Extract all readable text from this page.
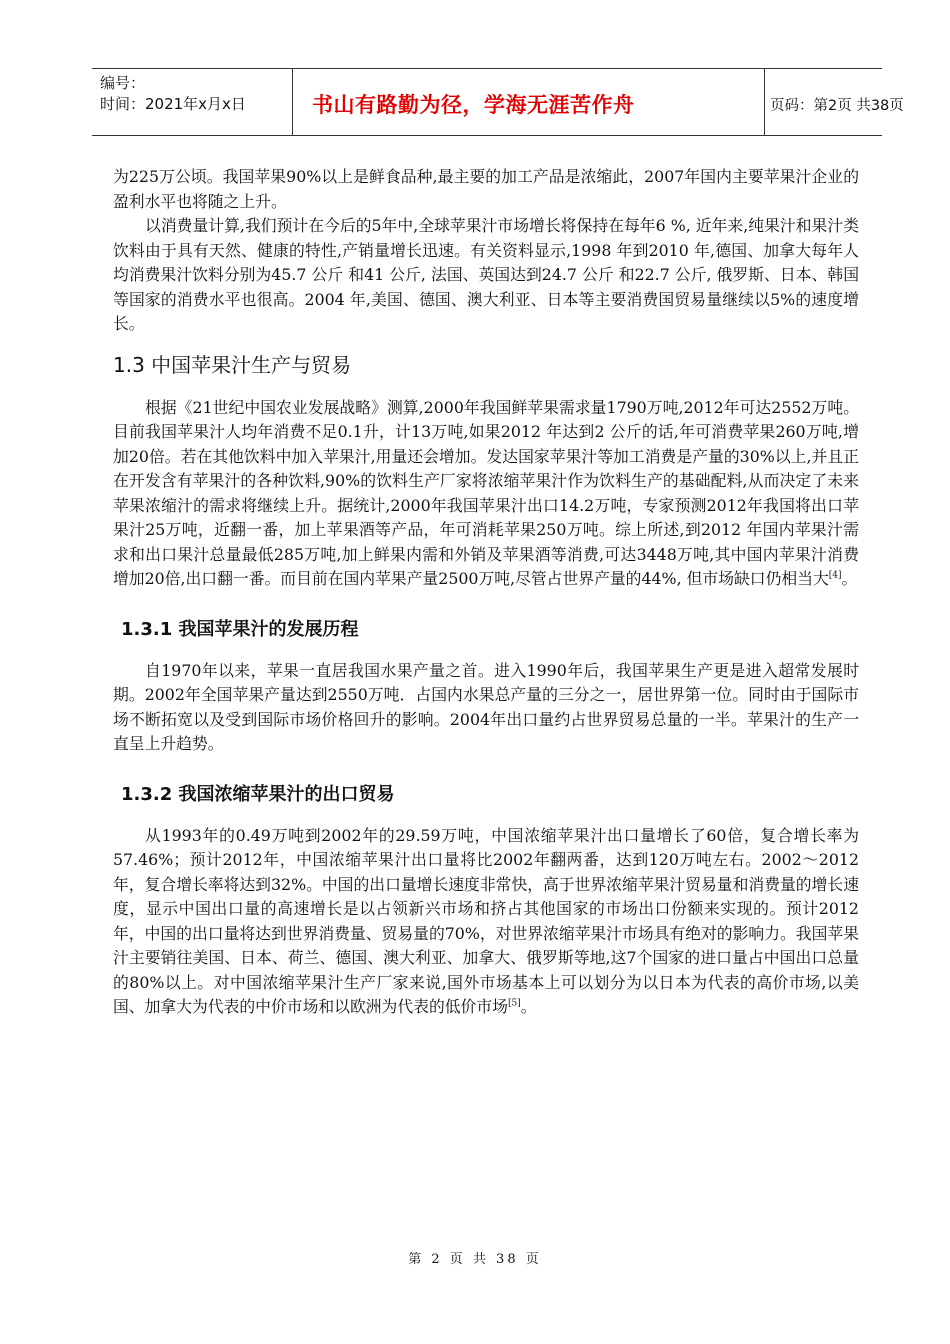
编号：
时间：2021年x月x日	书山有路勤为径，学海无涯苦作舟	页码：第2页 共38页

为225万公顷。我国苹果90%以上是鲜食品种,最主要的加工产品是浓缩此，2007年国内主要苹果汁企业的盈利水平也将随之上升。

以消费量计算,我们预计在今后的5年中,全球苹果汁市场增长将保持在每年6 %, 近年来,纯果汁和果汁类饮料由于具有天然、健康的特性,产销量增长迅速。有关资料显示,1998 年到2010 年,德国、加拿大每年人均消费果汁饮料分别为45.7 公斤 和41 公斤, 法国、英国达到24.7 公斤 和22.7 公斤, 俄罗斯、日本、韩国等国家的消费水平也很高。2004 年,美国、德国、澳大利亚、日本等主要消费国贸易量继续以5%的速度增长。

1.3 中国苹果汁生产与贸易

根据《21世纪中国农业发展战略》测算,2000年我国鲜苹果需求量1790万吨,2012年可达2552万吨。目前我国苹果汁人均年消费不足0.1升，计13万吨,如果2012 年达到2 公斤的话,年可消费苹果260万吨,增加20倍。若在其他饮料中加入苹果汁,用量还会增加。发达国家苹果汁等加工消费是产量的30%以上,并且正在开发含有苹果汁的各种饮料,90%的饮料生产厂家将浓缩苹果汁作为饮料生产的基础配料,从而决定了未来苹果浓缩汁的需求将继续上升。据统计,2000年我国苹果汁出口14.2万吨，专家预测2012年我国将出口苹果汁25万吨，近翻一番，加上苹果酒等产品，年可消耗苹果250万吨。综上所述,到2012 年国内苹果汁需求和出口果汁总量最低285万吨,加上鲜果内需和外销及苹果酒等消费,可达3448万吨,其中国内苹果汁消费增加20倍,出口翻一番。而目前在国内苹果产量2500万吨,尽管占世界产量的44%, 但市场缺口仍相当大[4]。

1.3.1 我国苹果汁的发展历程

自1970年以来，苹果一直居我国水果产量之首。进入1990年后，我国苹果生产更是进入超常发展时期。2002年全国苹果产量达到2550万吨．占国内水果总产量的三分之一，居世界第一位。同时由于国际市场不断拓宽以及受到国际市场价格回升的影响。2004年出口量约占世界贸易总量的一半。苹果汁的生产一直呈上升趋势。

1.3.2 我国浓缩苹果汁的出口贸易

从1993年的0.49万吨到2002年的29.59万吨，中国浓缩苹果汁出口量增长了60倍，复合增长率为57.46%；预计2012年，中国浓缩苹果汁出口量将比2002年翻两番，达到120万吨左右。2002～2012年，复合增长率将达到32%。中国的出口量增长速度非常快，高于世界浓缩苹果汁贸易量和消费量的增长速度，显示中国出口量的高速增长是以占领新兴市场和挤占其他国家的市场出口份额来实现的。预计2012年，中国的出口量将达到世界消费量、贸易量的70%，对世界浓缩苹果汁市场具有绝对的影响力。我国苹果汁主要销往美国、日本、荷兰、德国、澳大利亚、加拿大、俄罗斯等地,这7个国家的进口量占中国出口总量的80%以上。对中国浓缩苹果汁生产厂家来说,国外市场基本上可以划分为以日本为代表的高价市场,以美国、加拿大为代表的中价市场和以欧洲为代表的低价市场[5]。

第 2 页 共 38 页
